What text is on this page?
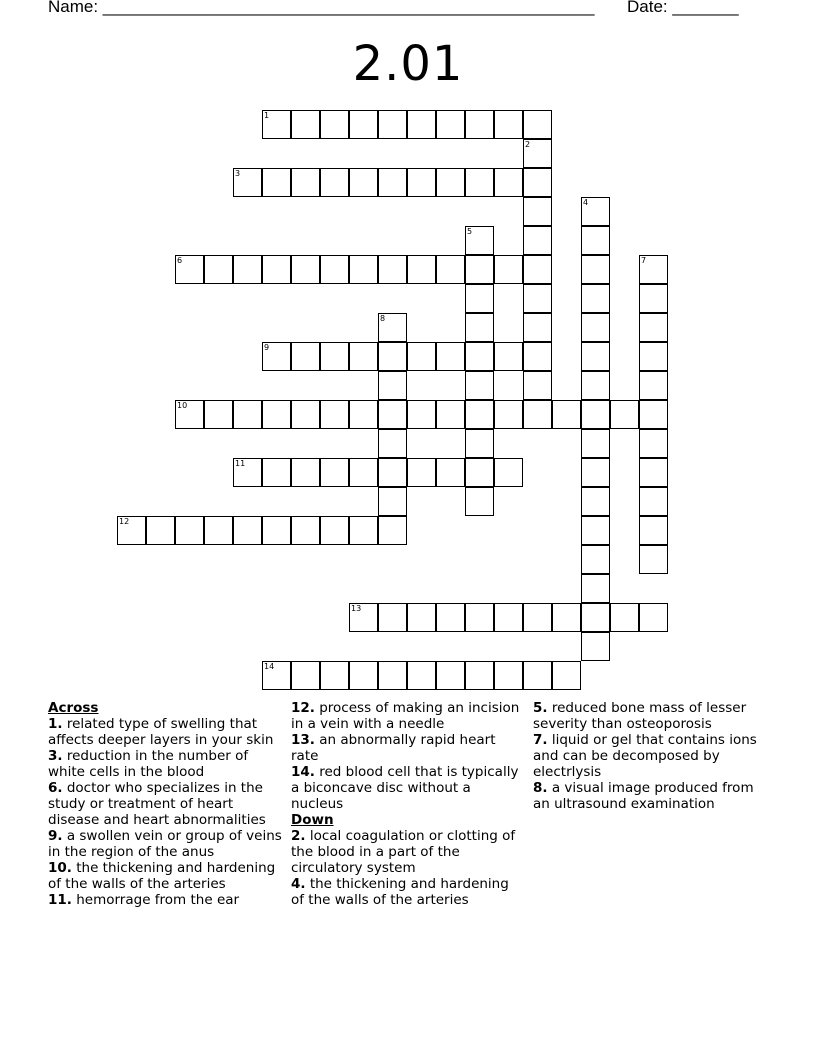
Name: ____________________________________________________ Date: _______
2.01
1
2
3
4
5
6	7
8
9
10
11
12
13
14
Across
1. related type of swelling that affects deeper layers in your skin
3. reduction in the number of white cells in the blood
6. doctor who specializes in the study or treatment of heart disease and heart abnormalities
9. a swollen vein or group of veins in the region of the anus
10. the thickening and hardening of the walls of the arteries
11. hemorrage from the ear
12. process of making an incision in a vein with a needle
13. an abnormally rapid heart rate
14. red blood cell that is typically a biconcave disc without a nucleus
Down
2. local coagulation or clotting of the blood in a part of the circulatory system
4. the thickening and hardening of the walls of the arteries
5. reduced bone mass of lesser severity than osteoporosis
7. liquid or gel that contains ions and can be decomposed by electrlysis
8. a visual image produced from an ultrasound examination
